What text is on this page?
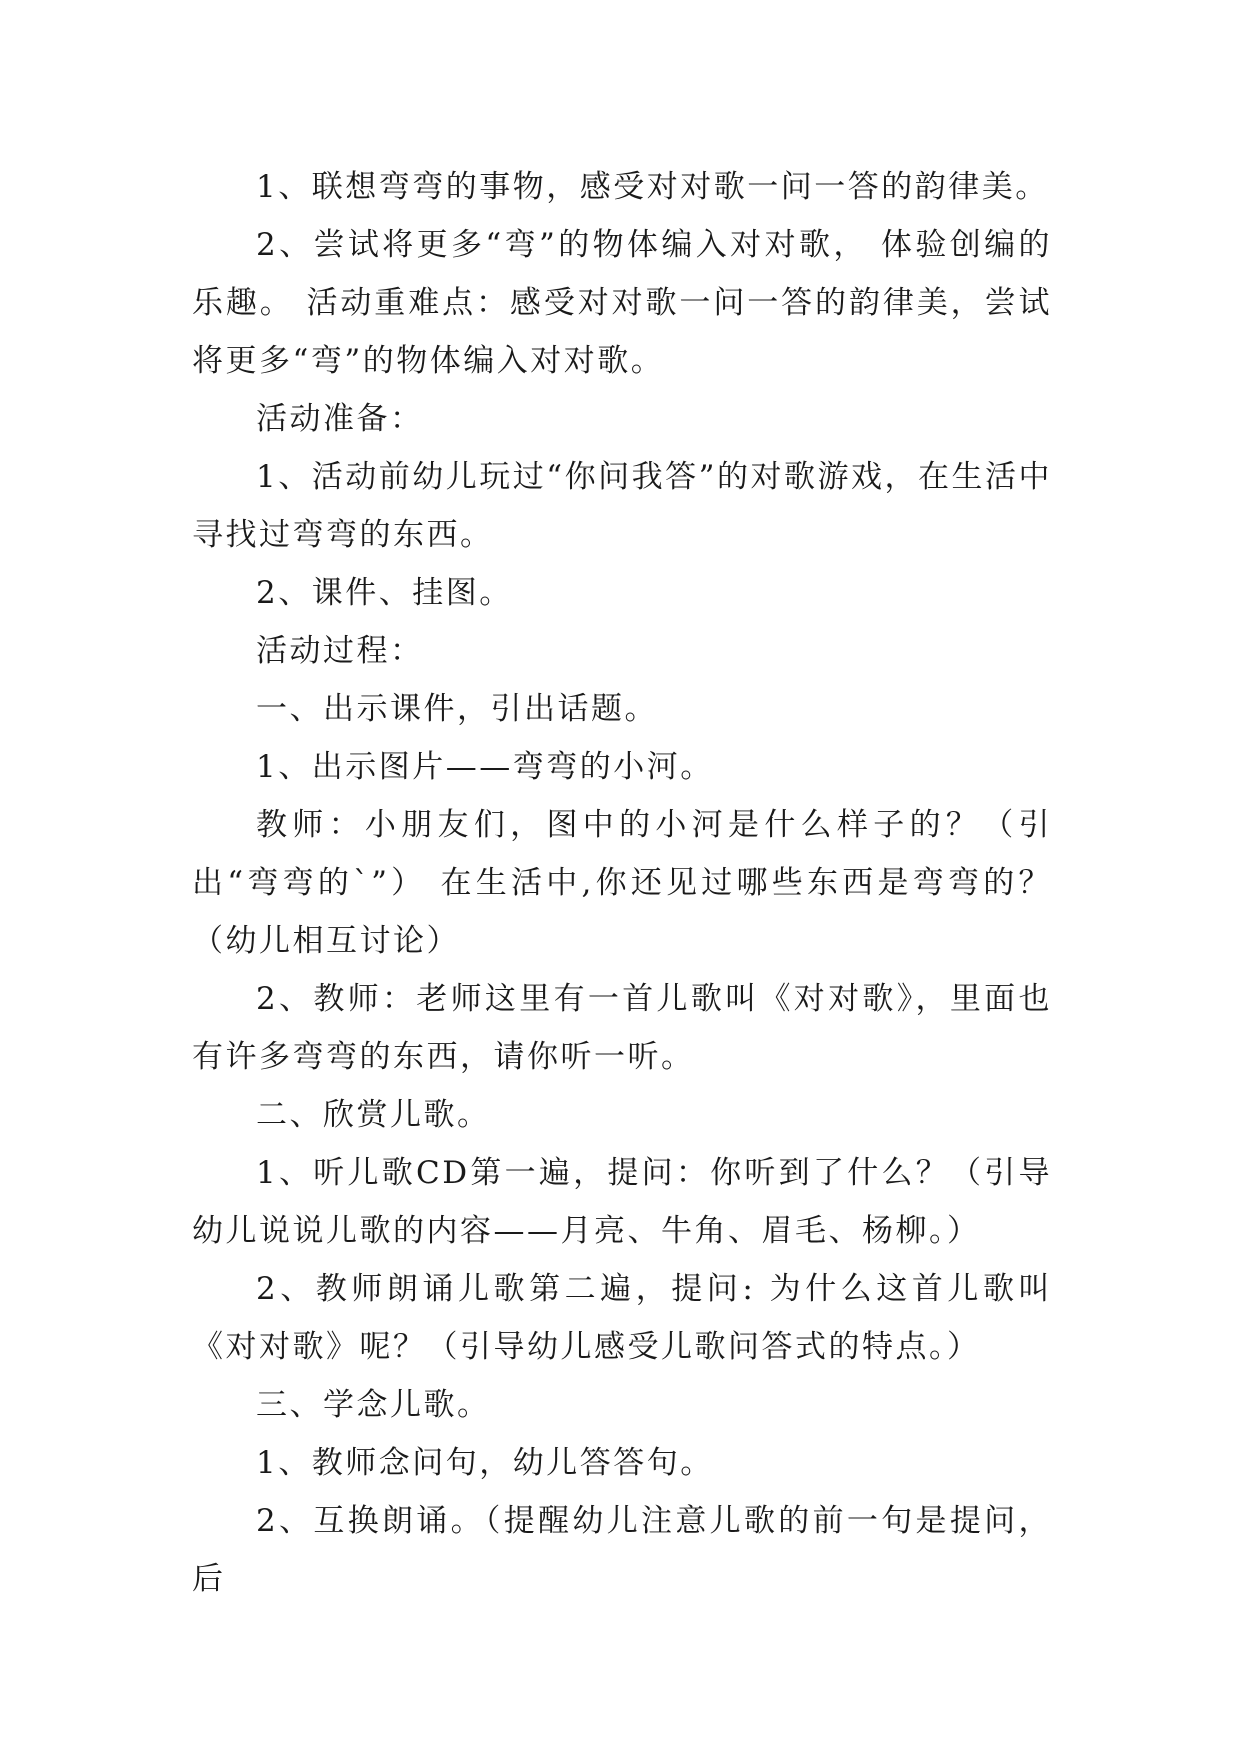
1、联想弯弯的事物，感受对对歌一问一答的韵律美。

2、尝试将更多“弯”的物体编入对对歌， 体验创编的乐趣。 活动重难点：感受对对歌一问一答的韵律美，尝试将更多“弯”的物体编入对对歌。

活动准备：

1、活动前幼儿玩过“你问我答”的对歌游戏，在生活中寻找过弯弯的东西。

2、课件、挂图。

活动过程：

一、出示课件，引出话题。

1、出示图片——弯弯的小河。

教师：小朋友们，图中的小河是什么样子的？（引出“弯弯的`”） 在生活中,你还见过哪些东西是弯弯的？（幼儿相互讨论）

2、教师：老师这里有一首儿歌叫《对对歌》，里面也有许多弯弯的东西，请你听一听。

二、欣赏儿歌。

1、听儿歌CD第一遍，提问：你听到了什么？（引导幼儿说说儿歌的内容——月亮、牛角、眉毛、杨柳。）

2、教师朗诵儿歌第二遍，提问: 为什么这首儿歌叫《对对歌》呢？（引导幼儿感受儿歌问答式的特点。）

三、学念儿歌。

1、教师念问句，幼儿答答句。

2、互换朗诵。（提醒幼儿注意儿歌的前一句是提问，后
